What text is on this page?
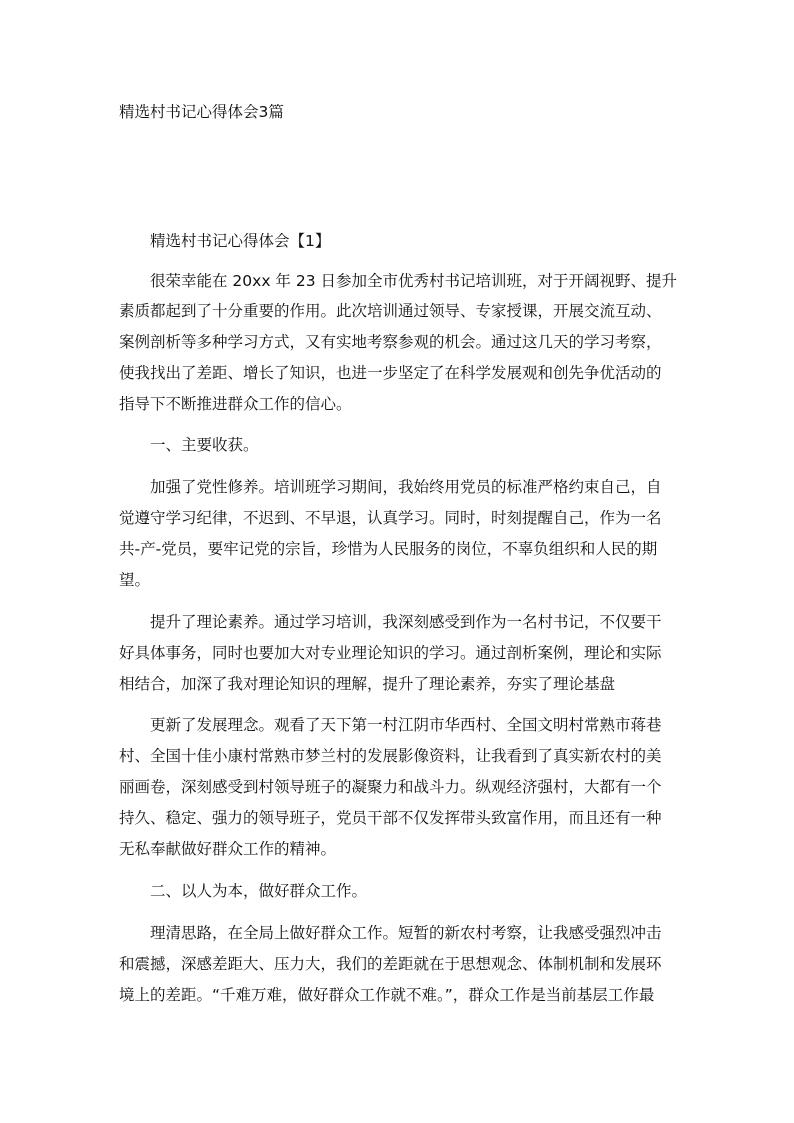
精选村书记心得体会3篇
精选村书记心得体会【1】
很荣幸能在 20xx 年 23 日参加全市优秀村书记培训班，对于开阔视野、提升
素质都起到了十分重要的作用。此次培训通过领导、专家授课，开展交流互动、
案例剖析等多种学习方式，又有实地考察参观的机会。通过这几天的学习考察，
使我找出了差距、增长了知识，也进一步坚定了在科学发展观和创先争优活动的
指导下不断推进群众工作的信心。
一、主要收获。
加强了党性修养。培训班学习期间，我始终用党员的标准严格约束自己，自
觉遵守学习纪律，不迟到、不早退，认真学习。同时，时刻提醒自己，作为一名
共-产-党员，要牢记党的宗旨，珍惜为人民服务的岗位，不辜负组织和人民的期
望。
提升了理论素养。通过学习培训，我深刻感受到作为一名村书记，不仅要干
好具体事务，同时也要加大对专业理论知识的学习。通过剖析案例，理论和实际
相结合，加深了我对理论知识的理解，提升了理论素养，夯实了理论基盘
更新了发展理念。观看了天下第一村江阴市华西村、全国文明村常熟市蒋巷
村、全国十佳小康村常熟市梦兰村的发展影像资料，让我看到了真实新农村的美
丽画卷，深刻感受到村领导班子的凝聚力和战斗力。纵观经济强村，大都有一个
持久、稳定、强力的领导班子，党员干部不仅发挥带头致富作用，而且还有一种
无私奉献做好群众工作的精神。
二、以人为本，做好群众工作。
理清思路，在全局上做好群众工作。短暂的新农村考察，让我感受强烈冲击
和震撼，深感差距大、压力大，我们的差距就在于思想观念、体制机制和发展环
境上的差距。“千难万难，做好群众工作就不难。”，群众工作是当前基层工作最
